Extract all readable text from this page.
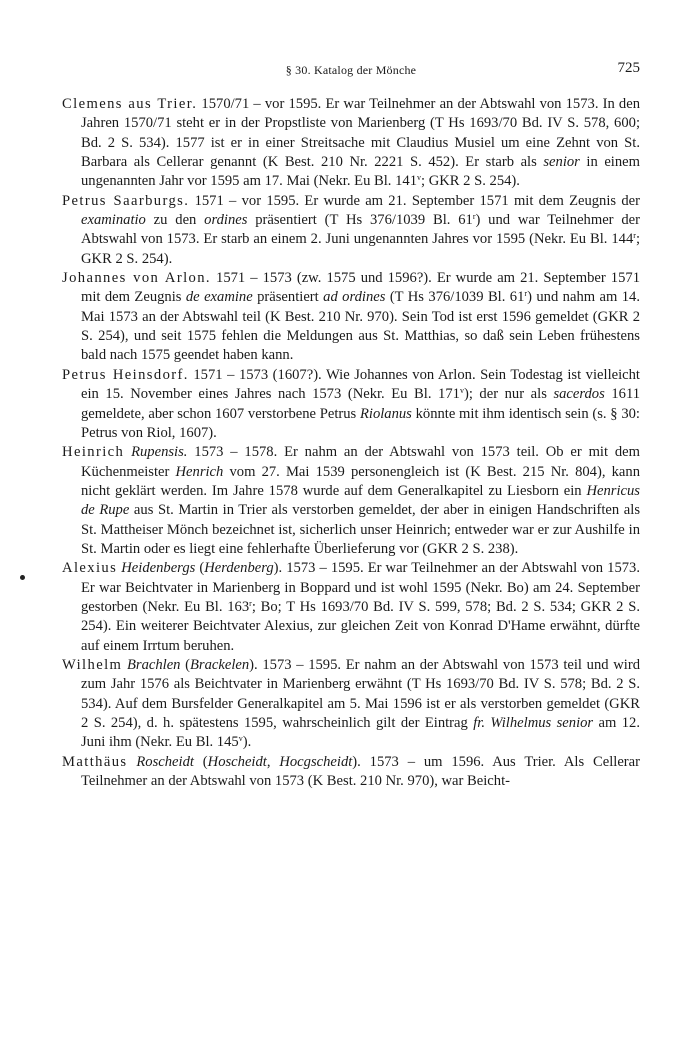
§ 30. Katalog der Mönche	725

Clemens aus Trier. 1570/71 – vor 1595. Er war Teilnehmer an der Abtswahl von 1573. In den Jahren 1570/71 steht er in der Propstliste von Marienberg (T Hs 1693/70 Bd. IV S. 578, 600; Bd. 2 S. 534). 1577 ist er in einer Streitsache mit Claudius Musiel um eine Zehnt von St. Barbara als Cellerar genannt (K Best. 210 Nr. 2221 S. 452). Er starb als senior in einem ungenannten Jahr vor 1595 am 17. Mai (Nekr. Eu Bl. 141$^v$; GKR 2 S. 254).

Petrus Saarburgs. 1571 – vor 1595. Er wurde am 21. September 1571 mit dem Zeugnis der examinatio zu den ordines präsentiert (T Hs 376/1039 Bl. 61$^r$) und war Teilnehmer der Abtswahl von 1573. Er starb an einem 2. Juni ungenannten Jahres vor 1595 (Nekr. Eu Bl. 144$^r$; GKR 2 S. 254).

Johannes von Arlon. 1571 – 1573 (zw. 1575 und 1596?). Er wurde am 21. September 1571 mit dem Zeugnis de examine präsentiert ad ordines (T Hs 376/1039 Bl. 61$^r$) und nahm am 14. Mai 1573 an der Abtswahl teil (K Best. 210 Nr. 970). Sein Tod ist erst 1596 gemeldet (GKR 2 S. 254), und seit 1575 fehlen die Meldungen aus St. Matthias, so daß sein Leben frühestens bald nach 1575 geendet haben kann.

Petrus Heinsdorf. 1571 – 1573 (1607?). Wie Johannes von Arlon. Sein Todestag ist vielleicht ein 15. November eines Jahres nach 1573 (Nekr. Eu Bl. 171$^v$); der nur als sacerdos 1611 gemeldete, aber schon 1607 verstorbene Petrus Riolanus könnte mit ihm identisch sein (s. § 30: Petrus von Riol, 1607).

Heinrich Rupensis. 1573 – 1578. Er nahm an der Abtswahl von 1573 teil. Ob er mit dem Küchenmeister Henrich vom 27. Mai 1539 personengleich ist (K Best. 215 Nr. 804), kann nicht geklärt werden. Im Jahre 1578 wurde auf dem Generalkapitel zu Liesborn ein Henricus de Rupe aus St. Martin in Trier als verstorben gemeldet, der aber in einigen Handschriften als St. Mattheiser Mönch bezeichnet ist, sicherlich unser Heinrich; entweder war er zur Aushilfe in St. Martin oder es liegt eine fehlerhafte Überlieferung vor (GKR 2 S. 238).

Alexius Heidenbergs (Herdenberg). 1573 – 1595. Er war Teilnehmer an der Abtswahl von 1573. Er war Beichtvater in Marienberg in Boppard und ist wohl 1595 (Nekr. Bo) am 24. September gestorben (Nekr. Eu Bl. 163$^r$; Bo; T Hs 1693/70 Bd. IV S. 599, 578; Bd. 2 S. 534; GKR 2 S. 254). Ein weiterer Beichtvater Alexius, zur gleichen Zeit von Konrad D'Hame erwähnt, dürfte auf einem Irrtum beruhen.

Wilhelm Brachlen (Brackelen). 1573 – 1595. Er nahm an der Abtswahl von 1573 teil und wird zum Jahr 1576 als Beichtvater in Marienberg erwähnt (T Hs 1693/70 Bd. IV S. 578; Bd. 2 S. 534). Auf dem Bursfelder Generalkapitel am 5. Mai 1596 ist er als verstorben gemeldet (GKR 2 S. 254), d. h. spätestens 1595, wahrscheinlich gilt der Eintrag fr. Wilhelmus senior am 12. Juni ihm (Nekr. Eu Bl. 145$^v$).

Matthäus Roscheidt (Hoscheidt, Hocgscheidt). 1573 – um 1596. Aus Trier. Als Cellerar Teilnehmer an der Abtswahl von 1573 (K Best. 210 Nr. 970), war Beicht-
